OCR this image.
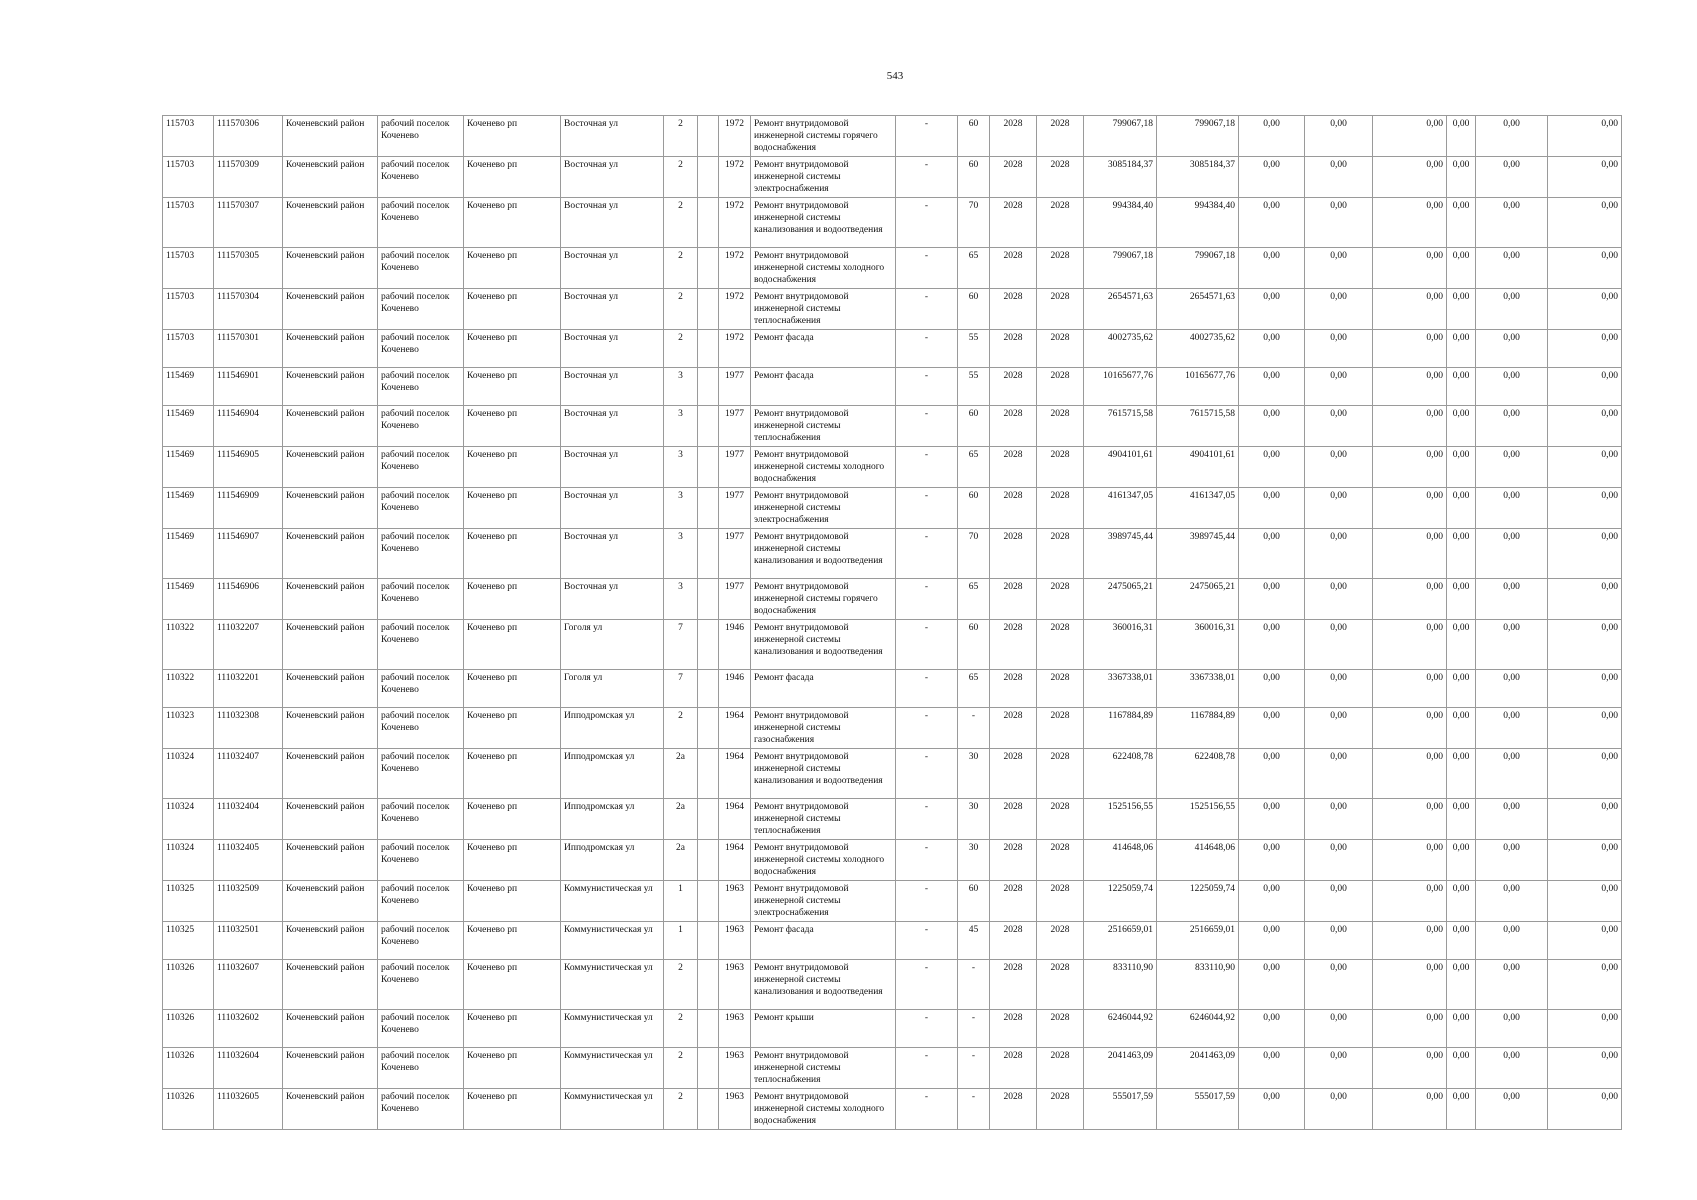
543
115703	111570306	Коченевский район	рабочий поселок Коченево	Коченево рп	Восточная ул	2		1972	Ремонт внутридомовой инженерной системы горячего водоснабжения	-	60	2028	2028	799067,18	799067,18	0,00	0,00	0,00	0,00	0,00	0,00
115703	111570309	Коченевский район	рабочий поселок Коченево	Коченево рп	Восточная ул	2		1972	Ремонт внутридомовой инженерной системы электроснабжения	-	60	2028	2028	3085184,37	3085184,37	0,00	0,00	0,00	0,00	0,00	0,00
115703	111570307	Коченевский район	рабочий поселок Коченево	Коченево рп	Восточная ул	2		1972	Ремонт внутридомовой инженерной системы канализования и водоотведения	-	70	2028	2028	994384,40	994384,40	0,00	0,00	0,00	0,00	0,00	0,00
115703	111570305	Коченевский район	рабочий поселок Коченево	Коченево рп	Восточная ул	2		1972	Ремонт внутридомовой инженерной системы холодного водоснабжения	-	65	2028	2028	799067,18	799067,18	0,00	0,00	0,00	0,00	0,00	0,00
115703	111570304	Коченевский район	рабочий поселок Коченево	Коченево рп	Восточная ул	2		1972	Ремонт внутридомовой инженерной системы теплоснабжения	-	60	2028	2028	2654571,63	2654571,63	0,00	0,00	0,00	0,00	0,00	0,00
115703	111570301	Коченевский район	рабочий поселок Коченево	Коченево рп	Восточная ул	2		1972	Ремонт фасада	-	55	2028	2028	4002735,62	4002735,62	0,00	0,00	0,00	0,00	0,00	0,00
115469	111546901	Коченевский район	рабочий поселок Коченево	Коченево рп	Восточная ул	3		1977	Ремонт фасада	-	55	2028	2028	10165677,76	10165677,76	0,00	0,00	0,00	0,00	0,00	0,00
115469	111546904	Коченевский район	рабочий поселок Коченево	Коченево рп	Восточная ул	3		1977	Ремонт внутридомовой инженерной системы теплоснабжения	-	60	2028	2028	7615715,58	7615715,58	0,00	0,00	0,00	0,00	0,00	0,00
115469	111546905	Коченевский район	рабочий поселок Коченево	Коченево рп	Восточная ул	3		1977	Ремонт внутридомовой инженерной системы холодного водоснабжения	-	65	2028	2028	4904101,61	4904101,61	0,00	0,00	0,00	0,00	0,00	0,00
115469	111546909	Коченевский район	рабочий поселок Коченево	Коченево рп	Восточная ул	3		1977	Ремонт внутридомовой инженерной системы электроснабжения	-	60	2028	2028	4161347,05	4161347,05	0,00	0,00	0,00	0,00	0,00	0,00
115469	111546907	Коченевский район	рабочий поселок Коченево	Коченево рп	Восточная ул	3		1977	Ремонт внутридомовой инженерной системы канализования и водоотведения	-	70	2028	2028	3989745,44	3989745,44	0,00	0,00	0,00	0,00	0,00	0,00
115469	111546906	Коченевский район	рабочий поселок Коченево	Коченево рп	Восточная ул	3		1977	Ремонт внутридомовой инженерной системы горячего водоснабжения	-	65	2028	2028	2475065,21	2475065,21	0,00	0,00	0,00	0,00	0,00	0,00
110322	111032207	Коченевский район	рабочий поселок Коченево	Коченево рп	Гоголя ул	7		1946	Ремонт внутридомовой инженерной системы канализования и водоотведения	-	60	2028	2028	360016,31	360016,31	0,00	0,00	0,00	0,00	0,00	0,00
110322	111032201	Коченевский район	рабочий поселок Коченево	Коченево рп	Гоголя ул	7		1946	Ремонт фасада	-	65	2028	2028	3367338,01	3367338,01	0,00	0,00	0,00	0,00	0,00	0,00
110323	111032308	Коченевский район	рабочий поселок Коченево	Коченево рп	Ипподромская ул	2		1964	Ремонт внутридомовой инженерной системы газоснабжения	-	-	2028	2028	1167884,89	1167884,89	0,00	0,00	0,00	0,00	0,00	0,00
110324	111032407	Коченевский район	рабочий поселок Коченево	Коченево рп	Ипподромская ул	2а		1964	Ремонт внутридомовой инженерной системы канализования и водоотведения	-	30	2028	2028	622408,78	622408,78	0,00	0,00	0,00	0,00	0,00	0,00
110324	111032404	Коченевский район	рабочий поселок Коченево	Коченево рп	Ипподромская ул	2а		1964	Ремонт внутридомовой инженерной системы теплоснабжения	-	30	2028	2028	1525156,55	1525156,55	0,00	0,00	0,00	0,00	0,00	0,00
110324	111032405	Коченевский район	рабочий поселок Коченево	Коченево рп	Ипподромская ул	2а		1964	Ремонт внутридомовой инженерной системы холодного водоснабжения	-	30	2028	2028	414648,06	414648,06	0,00	0,00	0,00	0,00	0,00	0,00
110325	111032509	Коченевский район	рабочий поселок Коченево	Коченево рп	Коммунистическая ул	1		1963	Ремонт внутридомовой инженерной системы электроснабжения	-	60	2028	2028	1225059,74	1225059,74	0,00	0,00	0,00	0,00	0,00	0,00
110325	111032501	Коченевский район	рабочий поселок Коченево	Коченево рп	Коммунистическая ул	1		1963	Ремонт фасада	-	45	2028	2028	2516659,01	2516659,01	0,00	0,00	0,00	0,00	0,00	0,00
110326	111032607	Коченевский район	рабочий поселок Коченево	Коченево рп	Коммунистическая ул	2		1963	Ремонт внутридомовой инженерной системы канализования и водоотведения	-	-	2028	2028	833110,90	833110,90	0,00	0,00	0,00	0,00	0,00	0,00
110326	111032602	Коченевский район	рабочий поселок Коченево	Коченево рп	Коммунистическая ул	2		1963	Ремонт крыши	-	-	2028	2028	6246044,92	6246044,92	0,00	0,00	0,00	0,00	0,00	0,00
110326	111032604	Коченевский район	рабочий поселок Коченево	Коченево рп	Коммунистическая ул	2		1963	Ремонт внутридомовой инженерной системы теплоснабжения	-	-	2028	2028	2041463,09	2041463,09	0,00	0,00	0,00	0,00	0,00	0,00
110326	111032605	Коченевский район	рабочий поселок Коченево	Коченево рп	Коммунистическая ул	2		1963	Ремонт внутридомовой инженерной системы холодного водоснабжения	-	-	2028	2028	555017,59	555017,59	0,00	0,00	0,00	0,00	0,00	0,00
